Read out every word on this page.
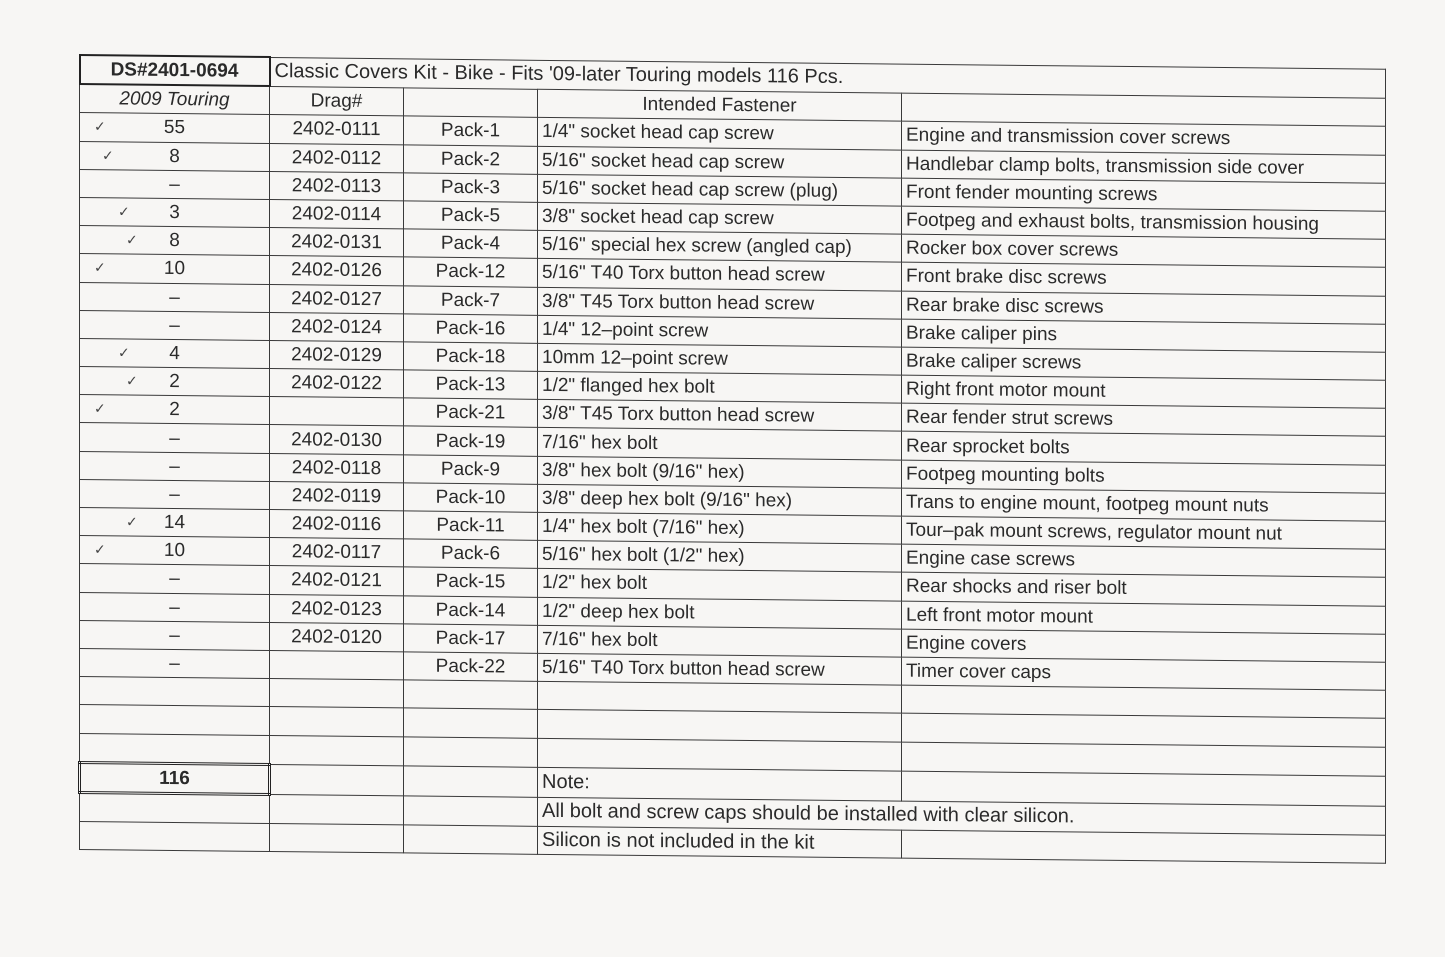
DS#2401-0694	Classic Covers Kit - Bike - Fits '09-later Touring models 116 Pcs.			
2009 Touring	Drag#		Intended Fastener	

✓ 55	2402-0111	Pack-1	1/4" socket head cap screw	Engine and transmission cover screws

✓ 8	2402-0112	Pack-2	5/16" socket head cap screw	Handlebar clamp bolts, transmission side cover
–	2402-0113	Pack-3	5/16" socket head cap screw (plug)	Front fender mounting screws

✓ 3	2402-0114	Pack-5	3/8" socket head cap screw	Footpeg and exhaust bolts, transmission housing

✓ 8	2402-0131	Pack-4	5/16" special hex screw (angled cap)	Rocker box cover screws

✓ 10	2402-0126	Pack-12	5/16" T40 Torx button head screw	Front brake disc screws
–	2402-0127	Pack-7	3/8" T45 Torx button head screw	Rear brake disc screws
–	2402-0124	Pack-16	1/4" 12–point screw	Brake caliper pins

✓ 4	2402-0129	Pack-18	10mm 12–point screw	Brake caliper screws

✓ 2	2402-0122	Pack-13	1/2" flanged hex bolt	Right front motor mount

✓ 2		Pack-21	3/8" T45 Torx button head screw	Rear fender strut screws
–	2402-0130	Pack-19	7/16" hex bolt	Rear sprocket bolts
–	2402-0118	Pack-9	3/8" hex bolt (9/16" hex)	Footpeg mounting bolts
–	2402-0119	Pack-10	3/8" deep hex bolt (9/16" hex)	Trans to engine mount, footpeg mount nuts

✓ 14	2402-0116	Pack-11	1/4" hex bolt (7/16" hex)	Tour–pak mount screws, regulator mount nut

✓ 10	2402-0117	Pack-6	5/16" hex bolt (1/2" hex)	Engine case screws
–	2402-0121	Pack-15	1/2" hex bolt	Rear shocks and riser bolt
–	2402-0123	Pack-14	1/2" deep hex bolt	Left front motor mount
–	2402-0120	Pack-17	7/16" hex bolt	Engine covers
–		Pack-22	5/16" T40 Torx button head screw	Timer cover caps

116			Note:	
			All bolt and screw caps should be installed with clear silicon.	
			Silicon is not included in the kit	
